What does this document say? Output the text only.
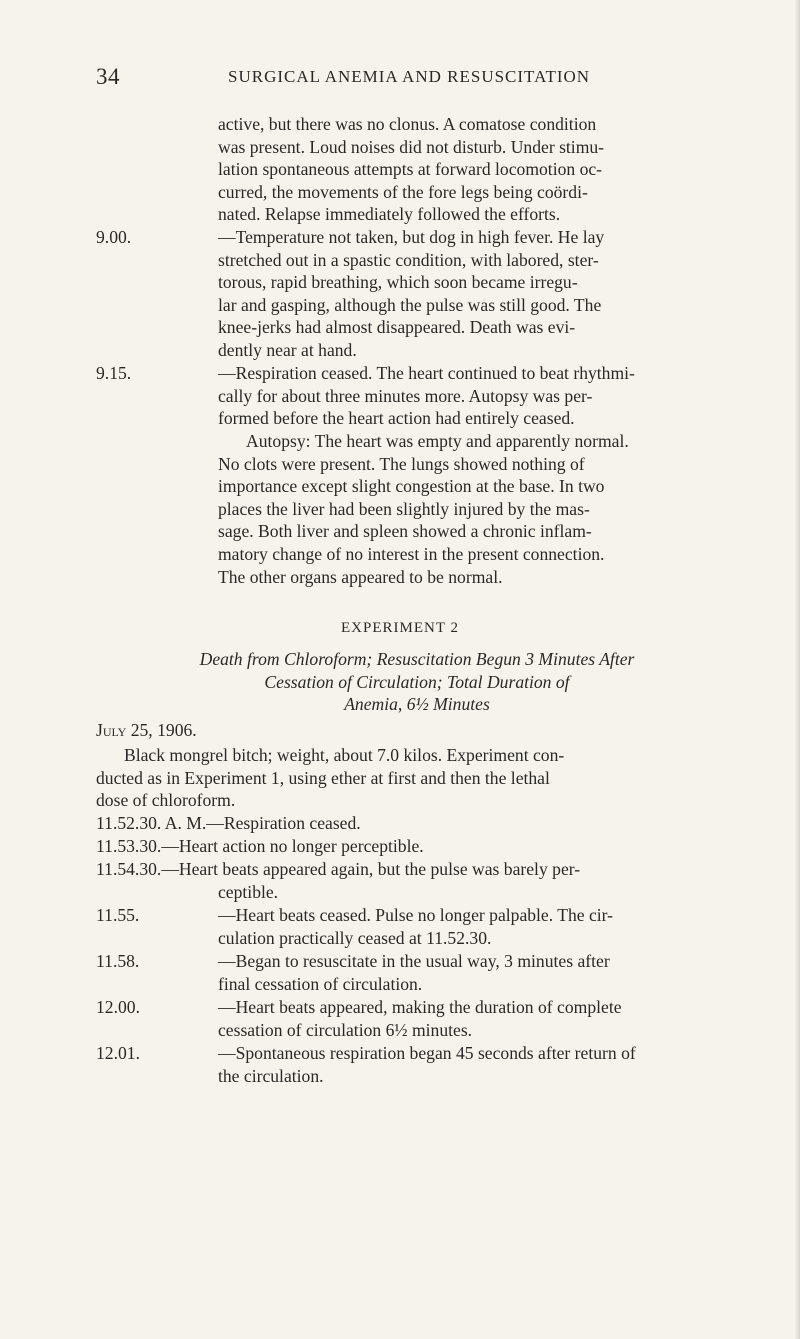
34	SURGICAL ANEMIA AND RESUSCITATION
active, but there was no clonus. A comatose condition
was present. Loud noises did not disturb. Under stimu-
lation spontaneous attempts at forward locomotion oc-
curred, the movements of the fore legs being coördi-
nated. Relapse immediately followed the efforts.
9.00.	—Temperature not taken, but dog in high fever. He lay
stretched out in a spastic condition, with labored, ster-
torous, rapid breathing, which soon became irregu-
lar and gasping, although the pulse was still good. The
knee-jerks had almost disappeared. Death was evi-
dently near at hand.
9.15.	—Respiration ceased. The heart continued to beat rhythmi-
cally for about three minutes more. Autopsy was per-
formed before the heart action had entirely ceased.
Autopsy: The heart was empty and apparently normal.
No clots were present. The lungs showed nothing of
importance except slight congestion at the base. In two
places the liver had been slightly injured by the mas-
sage. Both liver and spleen showed a chronic inflam-
matory change of no interest in the present connection.
The other organs appeared to be normal.
EXPERIMENT 2
Death from Chloroform; Resuscitation Begun 3 Minutes After
Cessation of Circulation; Total Duration of
Anemia, 6½ Minutes
July 25, 1906.
Black mongrel bitch; weight, about 7.0 kilos. Experiment con-
ducted as in Experiment 1, using ether at first and then the lethal
dose of chloroform.
11.52.30. A. M.—Respiration ceased.
11.53.30.—Heart action no longer perceptible.
11.54.30.—Heart beats appeared again, but the pulse was barely per-
ceptible.
11.55.	—Heart beats ceased. Pulse no longer palpable. The cir-
culation practically ceased at 11.52.30.
11.58.	—Began to resuscitate in the usual way, 3 minutes after
final cessation of circulation.
12.00.	—Heart beats appeared, making the duration of complete
cessation of circulation 6½ minutes.
12.01.	—Spontaneous respiration began 45 seconds after return of
the circulation.
